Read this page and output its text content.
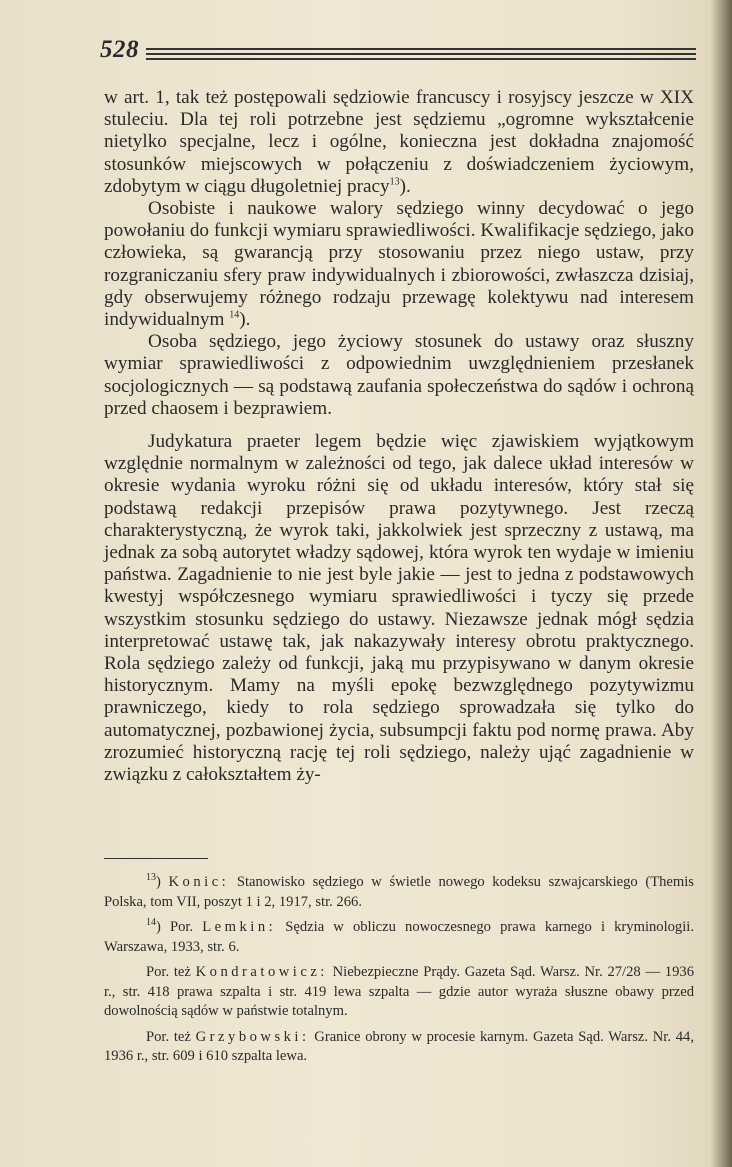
528

w art. 1, tak też postępowali sędziowie francuscy i rosyjscy jeszcze w XIX stuleciu. Dla tej roli potrzebne jest sędziemu „ogromne wykształcenie nietylko specjalne, lecz i ogólne, konieczna jest dokładna znajomość stosunków miejscowych w połączeniu z doświadczeniem życiowym, zdobytym w ciągu długoletniej pracy$^{13}$).

Osobiste i naukowe walory sędziego winny decydować o jego powołaniu do funkcji wymiaru sprawiedliwości. Kwalifikacje sędziego, jako człowieka, są gwarancją przy stosowaniu przez niego ustaw, przy rozgraniczaniu sfery praw indywidualnych i zbiorowości, zwłaszcza dzisiaj, gdy obserwujemy różnego rodzaju przewagę kolektywu nad interesem indywidualnym $^{14}$).

Osoba sędziego, jego życiowy stosunek do ustawy oraz słuszny wymiar sprawiedliwości z odpowiednim uwzględnieniem przesłanek socjologicznych — są podstawą zaufania społeczeństwa do sądów i ochroną przed chaosem i bezprawiem.

Judykatura praeter legem będzie więc zjawiskiem wyjątkowym względnie normalnym w zależności od tego, jak dalece układ interesów w okresie wydania wyroku różni się od układu interesów, który stał się podstawą redakcji przepisów prawa pozytywnego. Jest rzeczą charakterystyczną, że wyrok taki, jakkolwiek jest sprzeczny z ustawą, ma jednak za sobą autorytet władzy sądowej, która wyrok ten wydaje w imieniu państwa. Zagadnienie to nie jest byle jakie — jest to jedna z podstawowych kwestyj współczesnego wymiaru sprawiedliwości i tyczy się przede wszystkim stosunku sędziego do ustawy. Niezawsze jednak mógł sędzia interpretować ustawę tak, jak nakazywały interesy obrotu praktycznego. Rola sędziego zależy od funkcji, jaką mu przypisywano w danym okresie historycznym. Mamy na myśli epokę bezwzględnego pozytywizmu prawniczego, kiedy to rola sędziego sprowadzała się tylko do automatycznej, pozbawionej życia, subsumpcji faktu pod normę prawa. Aby zrozumieć historyczną rację tej roli sędziego, należy ująć zagadnienie w związku z całokształtem ży-

$^{13}$) Konic: Stanowisko sędziego w świetle nowego kodeksu szwajcarskiego (Themis Polska, tom VII, poszyt 1 i 2, 1917, str. 266.

$^{14}$) Por. Lemkin: Sędzia w obliczu nowoczesnego prawa karnego i kryminologii. Warszawa, 1933, str. 6.

Por. też Kondratowicz: Niebezpieczne Prądy. Gazeta Sąd. Warsz. Nr. 27/28 — 1936 r., str. 418 prawa szpalta i str. 419 lewa szpalta — gdzie autor wyraża słuszne obawy przed dowolnością sądów w państwie totalnym.

Por. też Grzybowski: Granice obrony w procesie karnym. Gazeta Sąd. Warsz. Nr. 44, 1936 r., str. 609 i 610 szpalta lewa.
